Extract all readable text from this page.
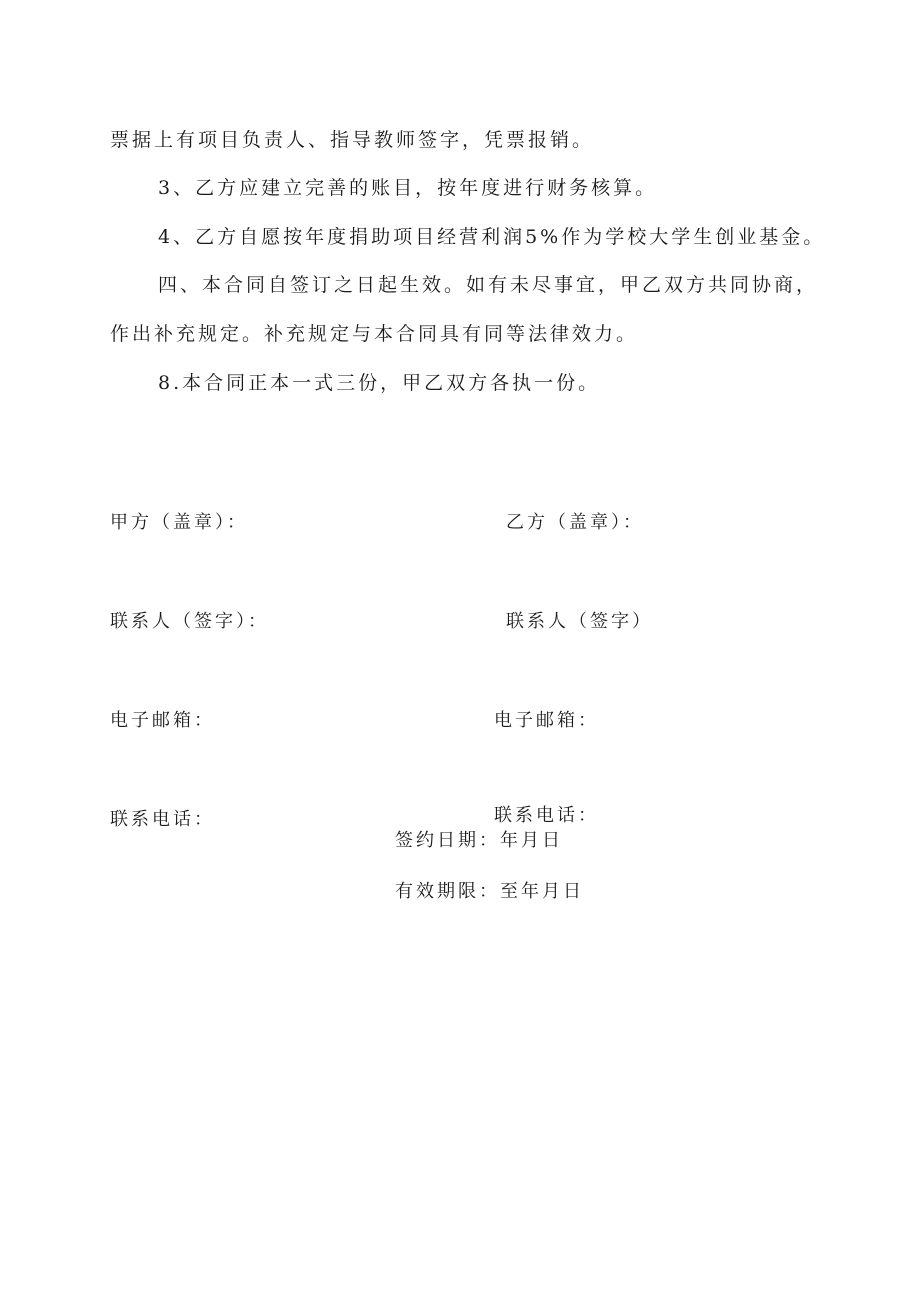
票据上有项目负责人、指导教师签字，凭票报销。
3、乙方应建立完善的账目，按年度进行财务核算。
4、乙方自愿按年度捐助项目经营利润5%作为学校大学生创业基金。
四、本合同自签订之日起生效。如有未尽事宜，甲乙双方共同协商，
作出补充规定。补充规定与本合同具有同等法律效力。
8.本合同正本一式三份，甲乙双方各执一份。
甲方（盖章）：	乙方（盖章）：
联系人（签字）：	联系人（签字）
电子邮箱：	电子邮箱：
联系电话：	联系电话：
签约日期：年月日
有效期限：至年月日
